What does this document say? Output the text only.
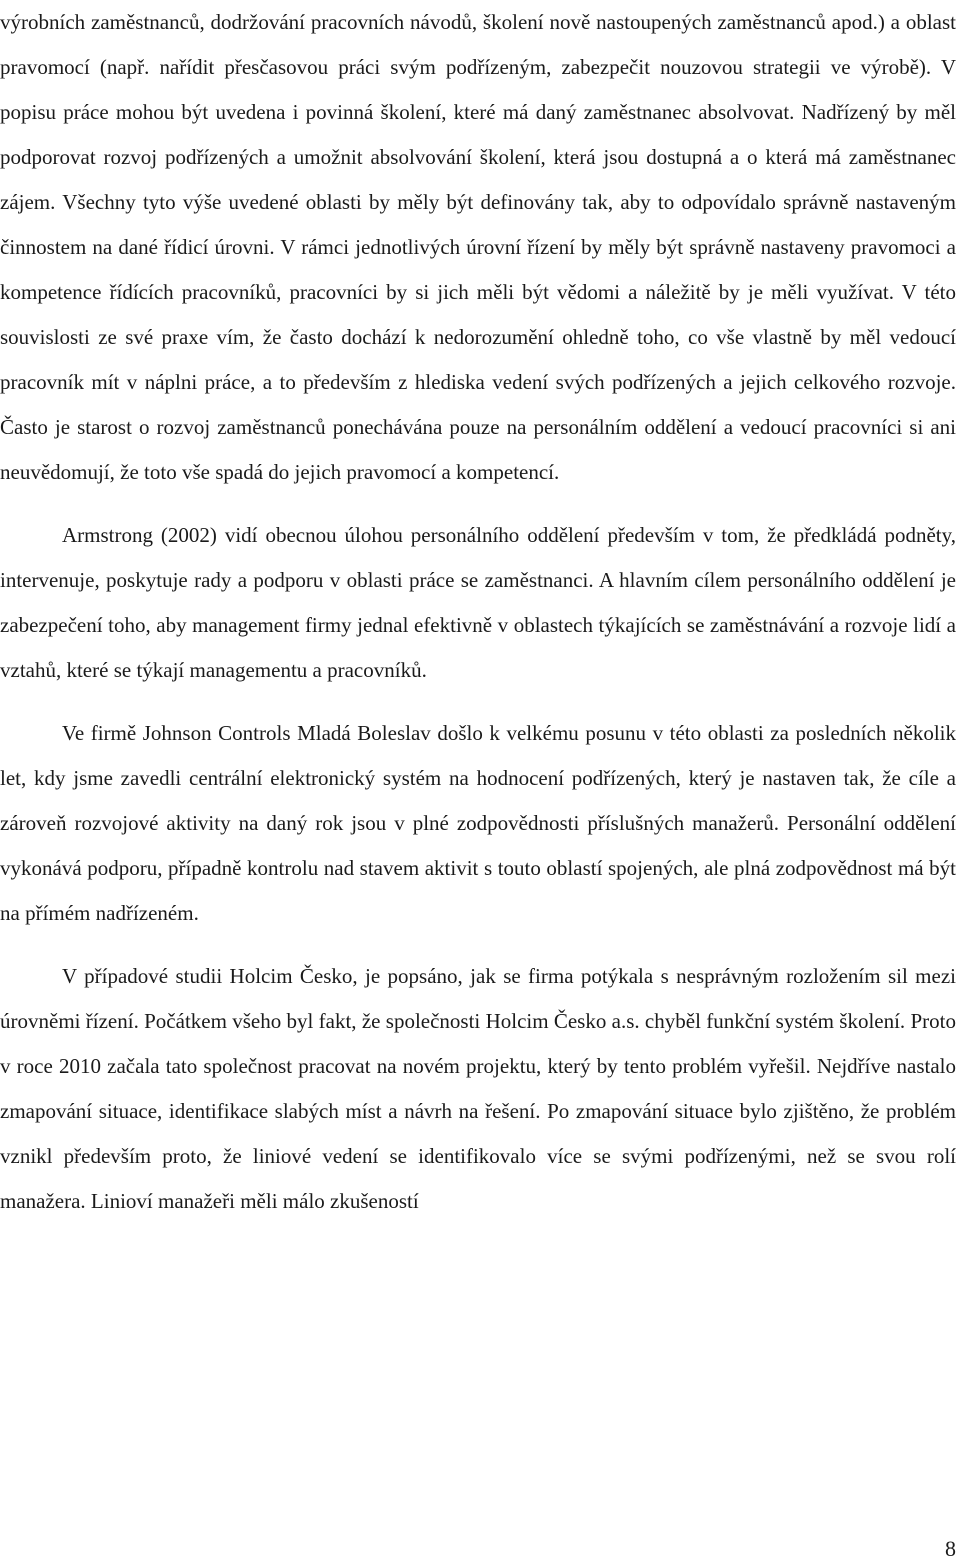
výrobních zaměstnanců, dodržování pracovních návodů, školení nově nastoupených zaměstnanců apod.) a oblast pravomocí (např. nařídit přesčasovou práci svým podřízeným, zabezpečit nouzovou strategii ve výrobě). V popisu práce mohou být uvedena i povinná školení, které má daný zaměstnanec absolvovat. Nadřízený by měl podporovat rozvoj podřízených a umožnit absolvování školení, která jsou dostupná a o která má zaměstnanec zájem. Všechny tyto výše uvedené oblasti by měly být definovány tak, aby to odpovídalo správně nastaveným činnostem na dané řídicí úrovni. V rámci jednotlivých úrovní řízení by měly být správně nastaveny pravomoci a kompetence řídících pracovníků, pracovníci by si jich měli být vědomi a náležitě by je měli využívat. V této souvislosti ze své praxe vím, že často dochází k nedorozumění ohledně toho, co vše vlastně by měl vedoucí pracovník mít v náplni práce, a to především z hlediska vedení svých podřízených a jejich celkového rozvoje. Často je starost o rozvoj zaměstnanců ponechávána pouze na personálním oddělení a vedoucí pracovníci si ani neuvědomují, že toto vše spadá do jejich pravomocí a kompetencí.

Armstrong (2002) vidí obecnou úlohou personálního oddělení především v tom, že předkládá podněty, intervenuje, poskytuje rady a podporu v oblasti práce se zaměstnanci. A hlavním cílem personálního oddělení je zabezpečení toho, aby management firmy jednal efektivně v oblastech týkajících se zaměstnávání a rozvoje lidí a vztahů, které se týkají managementu a pracovníků.

Ve firmě Johnson Controls Mladá Boleslav došlo k velkému posunu v této oblasti za posledních několik let, kdy jsme zavedli centrální elektronický systém na hodnocení podřízených, který je nastaven tak, že cíle a zároveň rozvojové aktivity na daný rok jsou v plné zodpovědnosti příslušných manažerů. Personální oddělení vykonává podporu, případně kontrolu nad stavem aktivit s touto oblastí spojených, ale plná zodpovědnost má být na přímém nadřízeném.

V případové studii Holcim Česko, je popsáno, jak se firma potýkala s nesprávným rozložením sil mezi úrovněmi řízení. Počátkem všeho byl fakt, že společnosti Holcim Česko a.s. chyběl funkční systém školení. Proto v roce 2010 začala tato společnost pracovat na novém projektu, který by tento problém vyřešil. Nejdříve nastalo zmapování situace, identifikace slabých míst a návrh na řešení. Po zmapování situace bylo zjištěno, že problém vznikl především proto, že liniové vedení se identifikovalo více se svými podřízenými, než se svou rolí manažera. Linioví manažeři měli málo zkušeností

8
